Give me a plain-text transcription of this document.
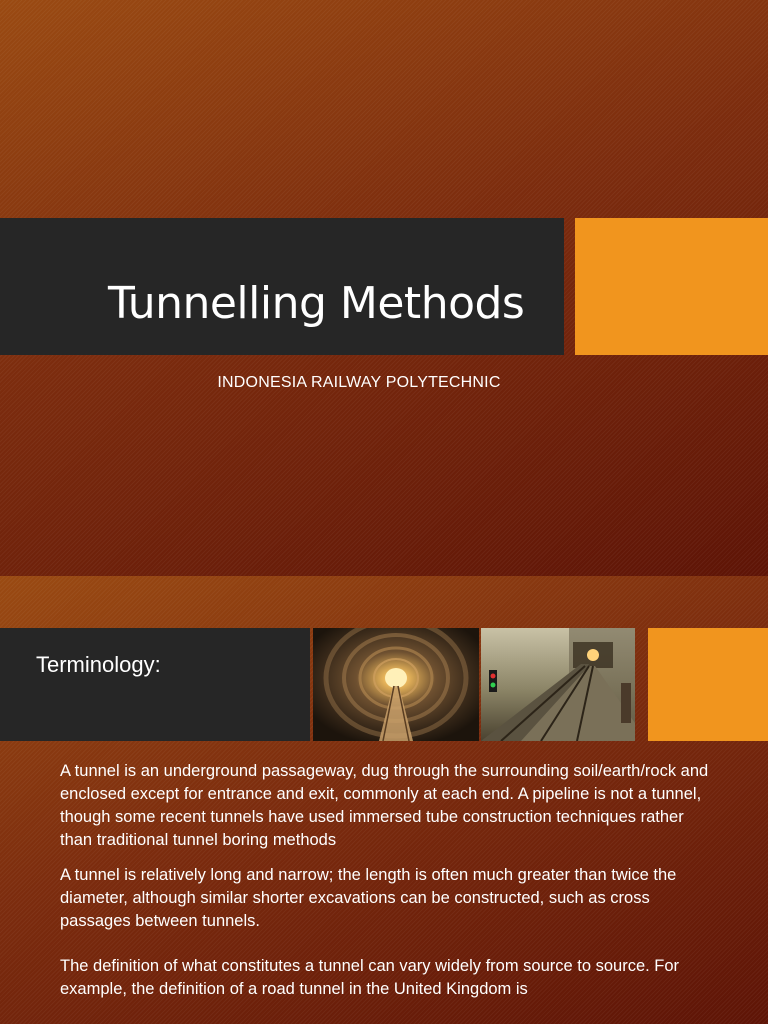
Tunnelling Methods
INDONESIA RAILWAY POLYTECHNIC
Terminology:

A tunnel is an underground passageway, dug through the surrounding soil/earth/rock and enclosed except for entrance and exit, commonly at each end. A pipeline is not a tunnel, though some recent tunnels have used immersed tube construction techniques rather than traditional tunnel boring methods

A tunnel is relatively long and narrow; the length is often much greater than twice the diameter, although similar shorter excavations can be constructed, such as cross passages between tunnels.

The definition of what constitutes a tunnel can vary widely from source to source. For example, the definition of a road tunnel in the United Kingdom is
